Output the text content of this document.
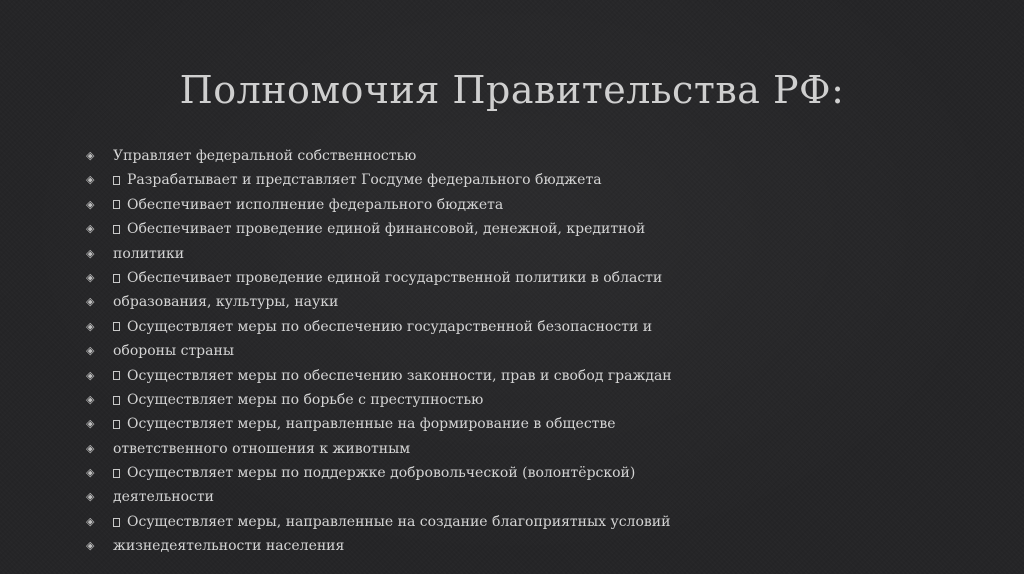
Полномочия Правительства РФ:
◈	Управляет федеральной собственностью
◈	Разрабатывает и представляет Госдуме федерального бюджета
◈	Обеспечивает исполнение федерального бюджета
◈	Обеспечивает проведение единой финансовой, денежной, кредитной
◈	политики
◈	Обеспечивает проведение единой государственной политики в области
◈	образования, культуры, науки
◈	Осуществляет меры по обеспечению государственной безопасности и
◈	обороны страны
◈	Осуществляет меры по обеспечению законности, прав и свобод граждан
◈	Осуществляет меры по борьбе с преступностью
◈	Осуществляет меры, направленные на формирование в обществе
◈	ответственного отношения к животным
◈	Осуществляет меры по поддержке добровольческой (волонтёрской)
◈	деятельности
◈	Осуществляет меры, направленные на создание благоприятных условий
◈	жизнедеятельности населения
